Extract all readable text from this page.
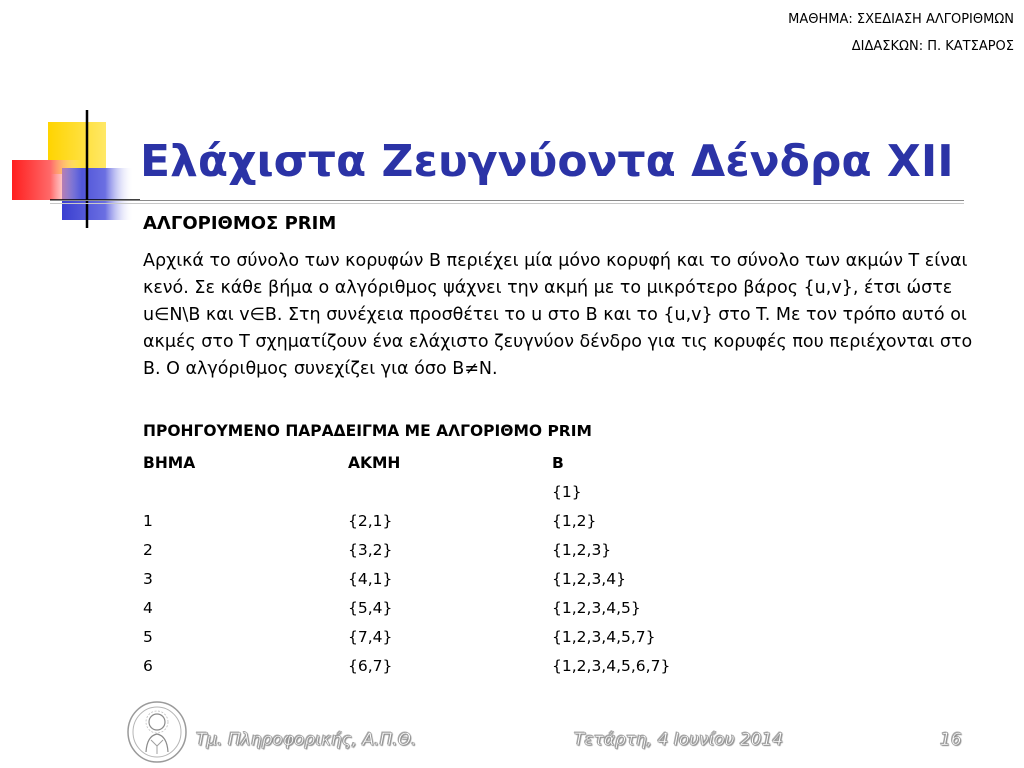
ΜΑΘΗΜΑ: ΣΧΕΔΙΑΣΗ ΑΛΓΟΡΙΘΜΩΝ
ΔΙΔΑΣΚΩΝ: Π. ΚΑΤΣΑΡΟΣ
Ελάχιστα Ζευγνύοντα Δένδρα XII
ΑΛΓΟΡΙΘΜΟΣ PRIM

Αρχικά το σύνολο των κορυφών B περιέχει μία μόνο κορυφή και το σύνολο των ακμών T είναι κενό. Σε κάθε βήμα ο αλγόριθμος ψάχνει την ακμή με το μικρότερο βάρος {u,v}, έτσι ώστε u∈N\B και v∈B. Στη συνέχεια προσθέτει το u στο B και το {u,v} στο T. Με τον τρόπο αυτό οι ακμές στο T σχηματίζουν ένα ελάχιστο ζευγνύον δένδρο για τις κορυφές που περιέχονται στο B. Ο αλγόριθμος συνεχίζει για όσο B≠N.

ΠΡΟΗΓΟΥΜΕΝΟ ΠΑΡΑΔΕΙΓΜΑ ΜΕ ΑΛΓΟΡΙΘΜΟ PRIM
ΒΗΜΑ	ΑΚΜΗ	B
		{1}
1	{2,1}	{1,2}
2	{3,2}	{1,2,3}
3	{4,1}	{1,2,3,4}
4	{5,4}	{1,2,3,4,5}
5	{7,4}	{1,2,3,4,5,7}
6	{6,7}	{1,2,3,4,5,6,7}
Τμ. Πληροφορικής, Α.Π.Θ.	Τετάρτη, 4 Ιουνίου 2014	16
